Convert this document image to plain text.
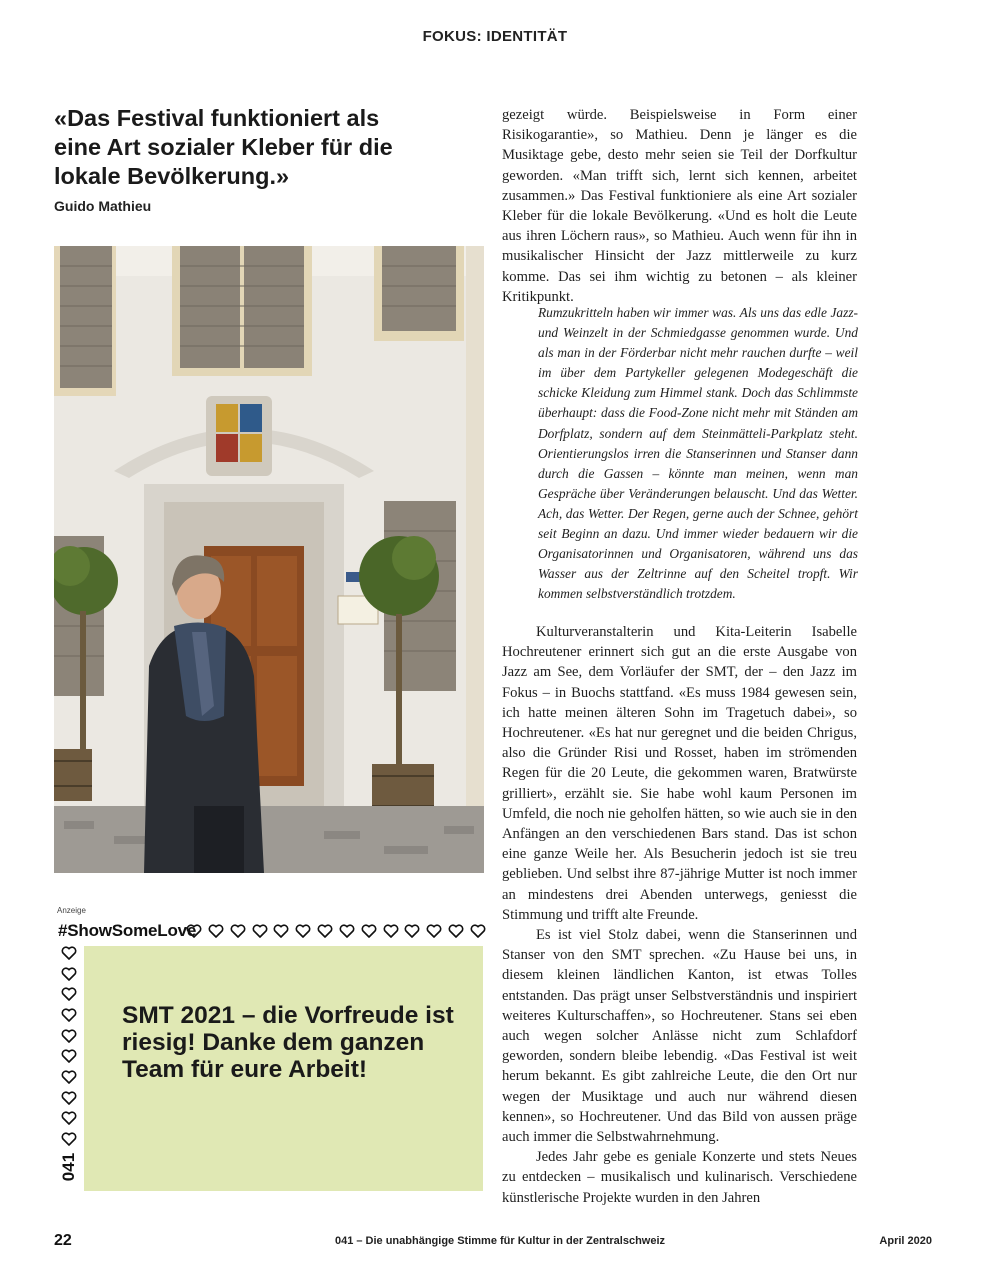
FOKUS: IDENTITÄT

«Das Festival funktioniert als eine Art sozialer Kleber für die lokale Bevölkerung.»

Guido Mathieu
Anzeige
#ShowSomeLove
041

SMT 2021 – die Vorfreude ist riesig! Danke dem ganzen Team für eure Arbeit!

gezeigt würde. Beispielsweise in Form einer Risikogarantie», so Mathieu. Denn je länger es die Musiktage gebe, desto mehr seien sie Teil der Dorfkultur geworden. «Man trifft sich, lernt sich kennen, arbeitet zusammen.» Das Festival funktioniere als eine Art sozialer Kleber für die lokale Bevölkerung. «Und es holt die Leute aus ihren Löchern raus», so Mathieu. Auch wenn für ihn in musikalischer Hinsicht der Jazz mittlerweile zu kurz komme. Das sei ihm wichtig zu betonen – als kleiner Kritikpunkt.

Rumzukritteln haben wir immer was. Als uns das edle Jazz- und Weinzelt in der Schmiedgasse genommen wurde. Und als man in der Förderbar nicht mehr rauchen durfte – weil im über dem Partykeller gelegenen Modegeschäft die schicke Kleidung zum Himmel stank. Doch das Schlimmste überhaupt: dass die Food-Zone nicht mehr mit Ständen am Dorfplatz, sondern auf dem Steinmätteli-Parkplatz steht. Orientierungslos irren die Stanserinnen und Stanser dann durch die Gassen – könnte man meinen, wenn man Gespräche über Veränderungen belauscht. Und das Wetter. Ach, das Wetter. Der Regen, gerne auch der Schnee, gehört seit Beginn an dazu. Und immer wieder bedauern wir die Organisatorinnen und Organisatoren, während uns das Wasser aus der Zeltrinne auf den Scheitel tropft. Wir kommen selbstverständlich trotzdem.

Kulturveranstalterin und Kita-Leiterin Isabelle Hochreutener erinnert sich gut an die erste Ausgabe von Jazz am See, dem Vorläufer der SMT, der – den Jazz im Fokus – in Buochs stattfand. «Es muss 1984 gewesen sein, ich hatte meinen älteren Sohn im Tragetuch dabei», so Hochreutener. «Es hat nur geregnet und die beiden Chrigus, also die Gründer Risi und Rosset, haben im strömenden Regen für die 20 Leute, die gekommen waren, Bratwürste grilliert», erzählt sie. Sie habe wohl kaum Personen im Umfeld, die noch nie geholfen hätten, so wie auch sie in den Anfängen an den verschiedenen Bars stand. Das ist schon eine ganze Weile her. Als Besucherin jedoch ist sie treu geblieben. Und selbst ihre 87-jährige Mutter ist noch immer an mindestens drei Abenden unterwegs, geniesst die Stimmung und trifft alte Freunde.

Es ist viel Stolz dabei, wenn die Stanserinnen und Stanser von den SMT sprechen. «Zu Hause bei uns, in diesem kleinen ländlichen Kanton, ist etwas Tolles entstanden. Das prägt unser Selbstverständnis und inspiriert weiteres Kulturschaffen», so Hochreutener. Stans sei eben auch wegen solcher Anlässe nicht zum Schlafdorf geworden, sondern bleibe lebendig. «Das Festival ist weit herum bekannt. Es gibt zahlreiche Leute, die den Ort nur wegen der Musiktage und auch nur während diesen kennen», so Hochreutener. Und das Bild von aussen präge auch immer die Selbstwahrnehmung.

Jedes Jahr gebe es geniale Konzerte und stets Neues zu entdecken – musikalisch und kulinarisch. Verschiedene künstlerische Projekte wurden in den Jahren

22	041 – Die unabhängige Stimme für Kultur in der Zentralschweiz	April 2020
